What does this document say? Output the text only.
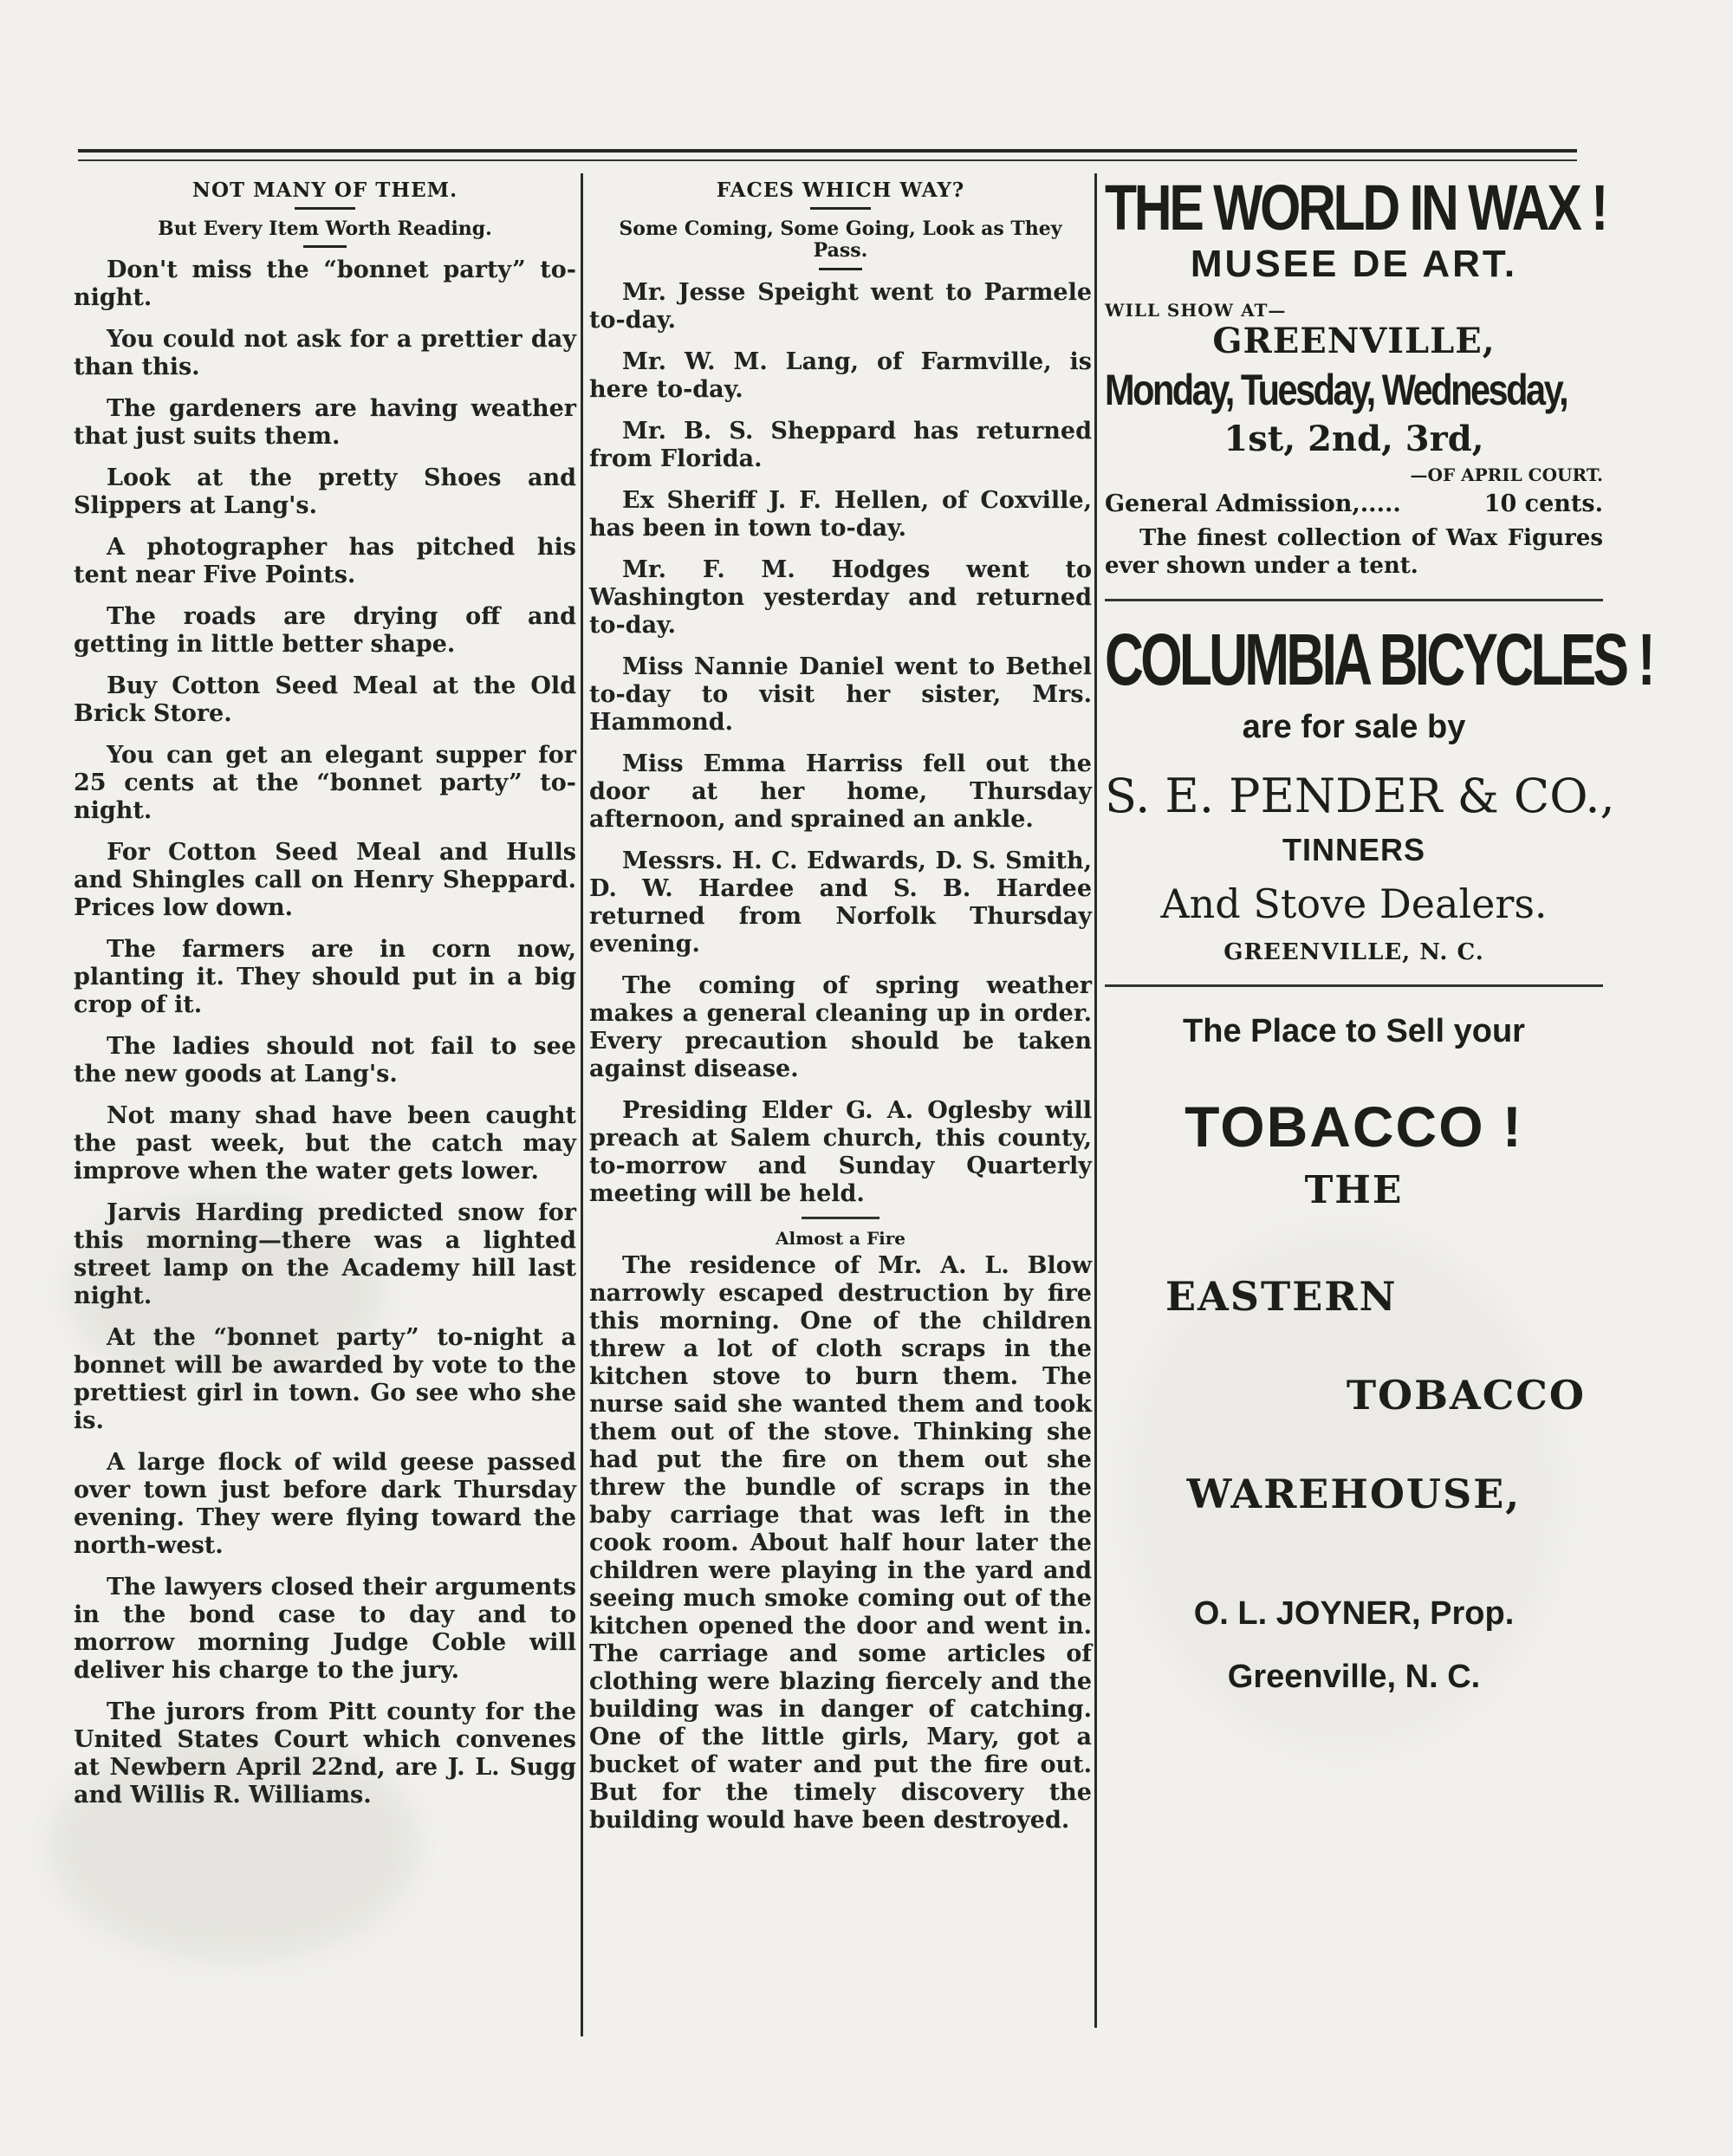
NOT MANY OF THEM.
But Every Item Worth Reading.

Don't miss the “bonnet party” to-night.

You could not ask for a prettier day than this.

The gardeners are having weather that just suits them.

Look at the pretty Shoes and Slippers at Lang's.

A photographer has pitched his tent near Five Points.

The roads are drying off and getting in little better shape.

Buy Cotton Seed Meal at the Old Brick Store.

You can get an elegant supper for 25 cents at the “bonnet party” to-night.

For Cotton Seed Meal and Hulls and Shingles call on Henry Sheppard. Prices low down.

The farmers are in corn now, planting it. They should put in a big crop of it.

The ladies should not fail to see the new goods at Lang's.

Not many shad have been caught the past week, but the catch may improve when the water gets lower.

Jarvis Harding predicted snow for this morning—there was a lighted street lamp on the Academy hill last night.

At the “bonnet party” to-night a bonnet will be awarded by vote to the prettiest girl in town. Go see who she is.

A large flock of wild geese passed over town just before dark Thursday evening. They were flying toward the north-west.

The lawyers closed their arguments in the bond case to day and to morrow morning Judge Coble will deliver his charge to the jury.

The jurors from Pitt county for the United States Court which convenes at Newbern April 22nd, are J. L. Sugg and Willis R. Williams.

FACES WHICH WAY?
Some Coming, Some Going, Look as They Pass.

Mr. Jesse Speight went to Parmele to-day.

Mr. W. M. Lang, of Farmville, is here to-day.

Mr. B. S. Sheppard has returned from Florida.

Ex Sheriff J. F. Hellen, of Coxville, has been in town to-day.

Mr. F. M. Hodges went to Washington yesterday and returned to-day.

Miss Nannie Daniel went to Bethel to-day to visit her sister, Mrs. Hammond.

Miss Emma Harriss fell out the door at her home, Thursday afternoon, and sprained an ankle.

Messrs. H. C. Edwards, D. S. Smith, D. W. Hardee and S. B. Hardee returned from Norfolk Thursday evening.

The coming of spring weather makes a general cleaning up in order. Every precaution should be taken against disease.

Presiding Elder G. A. Oglesby will preach at Salem church, this county, to-morrow and Sunday Quarterly meeting will be held.

Almost a Fire

The residence of Mr. A. L. Blow narrowly escaped destruction by fire this morning. One of the children threw a lot of cloth scraps in the kitchen stove to burn them. The nurse said she wanted them and took them out of the stove. Thinking she had put the fire on them out she threw the bundle of scraps in the baby carriage that was left in the cook room. About half hour later the children were playing in the yard and seeing much smoke coming out of the kitchen opened the door and went in. The carriage and some articles of clothing were blazing fiercely and the building was in danger of catching. One of the little girls, Mary, got a bucket of water and put the fire out. But for the timely discovery the building would have been destroyed.

THE WORLD IN WAX !
MUSEE DE ART.
WILL SHOW AT—
GREENVILLE,
Monday, Tuesday, Wednesday,
1st, 2nd, 3rd,
—OF APRIL COURT.
General Admission,.....	10 cents.
The finest collection of Wax Figures ever shown under a tent.
COLUMBIA BICYCLES !
are for sale by
S. E. PENDER & CO.,
TINNERS
And Stove Dealers.
GREENVILLE, N. C.
The Place to Sell your
TOBACCO !
THE
EASTERN
TOBACCO
WAREHOUSE,
O. L. JOYNER, Prop.
Greenville, N. C.
